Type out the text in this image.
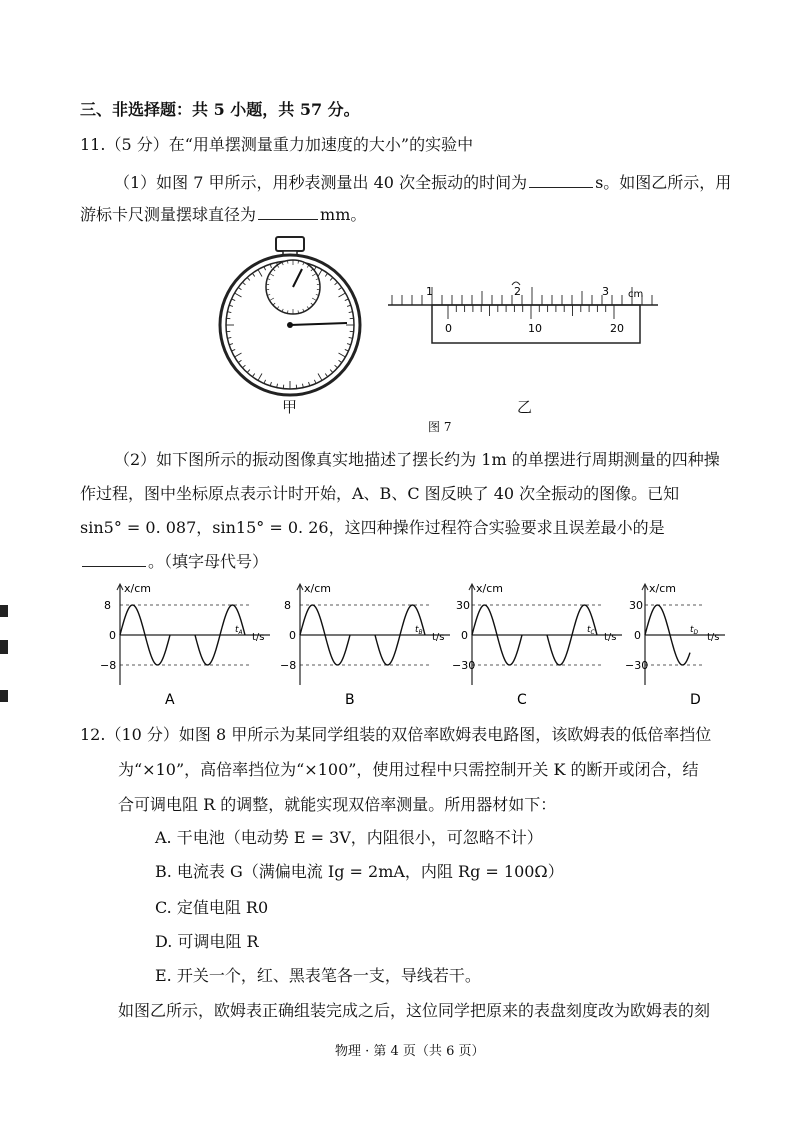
三、非选择题：共 5 小题，共 57 分。
11.（5 分）在“用单摆测量重力加速度的大小”的实验中
（1）如图 7 甲所示，用秒表测量出 40 次全振动的时间为	s。如图乙所示，用
游标卡尺测量摆球直径为	mm。
甲
1	2	3 cm
0	10	20
乙
图 7
（2）如下图所示的振动图像真实地描述了摆长约为 1m 的单摆进行周期测量的四种操
作过程，图中坐标原点表示计时开始，A、B、C 图反映了 40 次全振动的图像。已知
sin5° = 0. 087，sin15° = 0. 26，这四种操作过程符合实验要求且误差最小的是
。（填字母代号）
x/cm
8
0
−8
t/s
$t_A$
A
x/cm
8
0
−8
t/s
$t_B$
B
x/cm
30
0
−30
t/s
$t_C$
C
x/cm
30
0
−30
t/s
$t_D$
D
12.（10 分）如图 8 甲所示为某同学组装的双倍率欧姆表电路图，该欧姆表的低倍率挡位
为“×10”，高倍率挡位为“×100”，使用过程中只需控制开关 K 的断开或闭合，结
合可调电阻 R 的调整，就能实现双倍率测量。所用器材如下：
A. 干电池（电动势 E = 3V，内阻很小，可忽略不计）
B. 电流表 G（满偏电流 Ig = 2mA，内阻 Rg = 100Ω）
C. 定值电阻 R0
D. 可调电阻 R
E. 开关一个，红、黑表笔各一支，导线若干。
如图乙所示，欧姆表正确组装完成之后，这位同学把原来的表盘刻度改为欧姆表的刻
物理 · 第 4 页（共 6 页）
